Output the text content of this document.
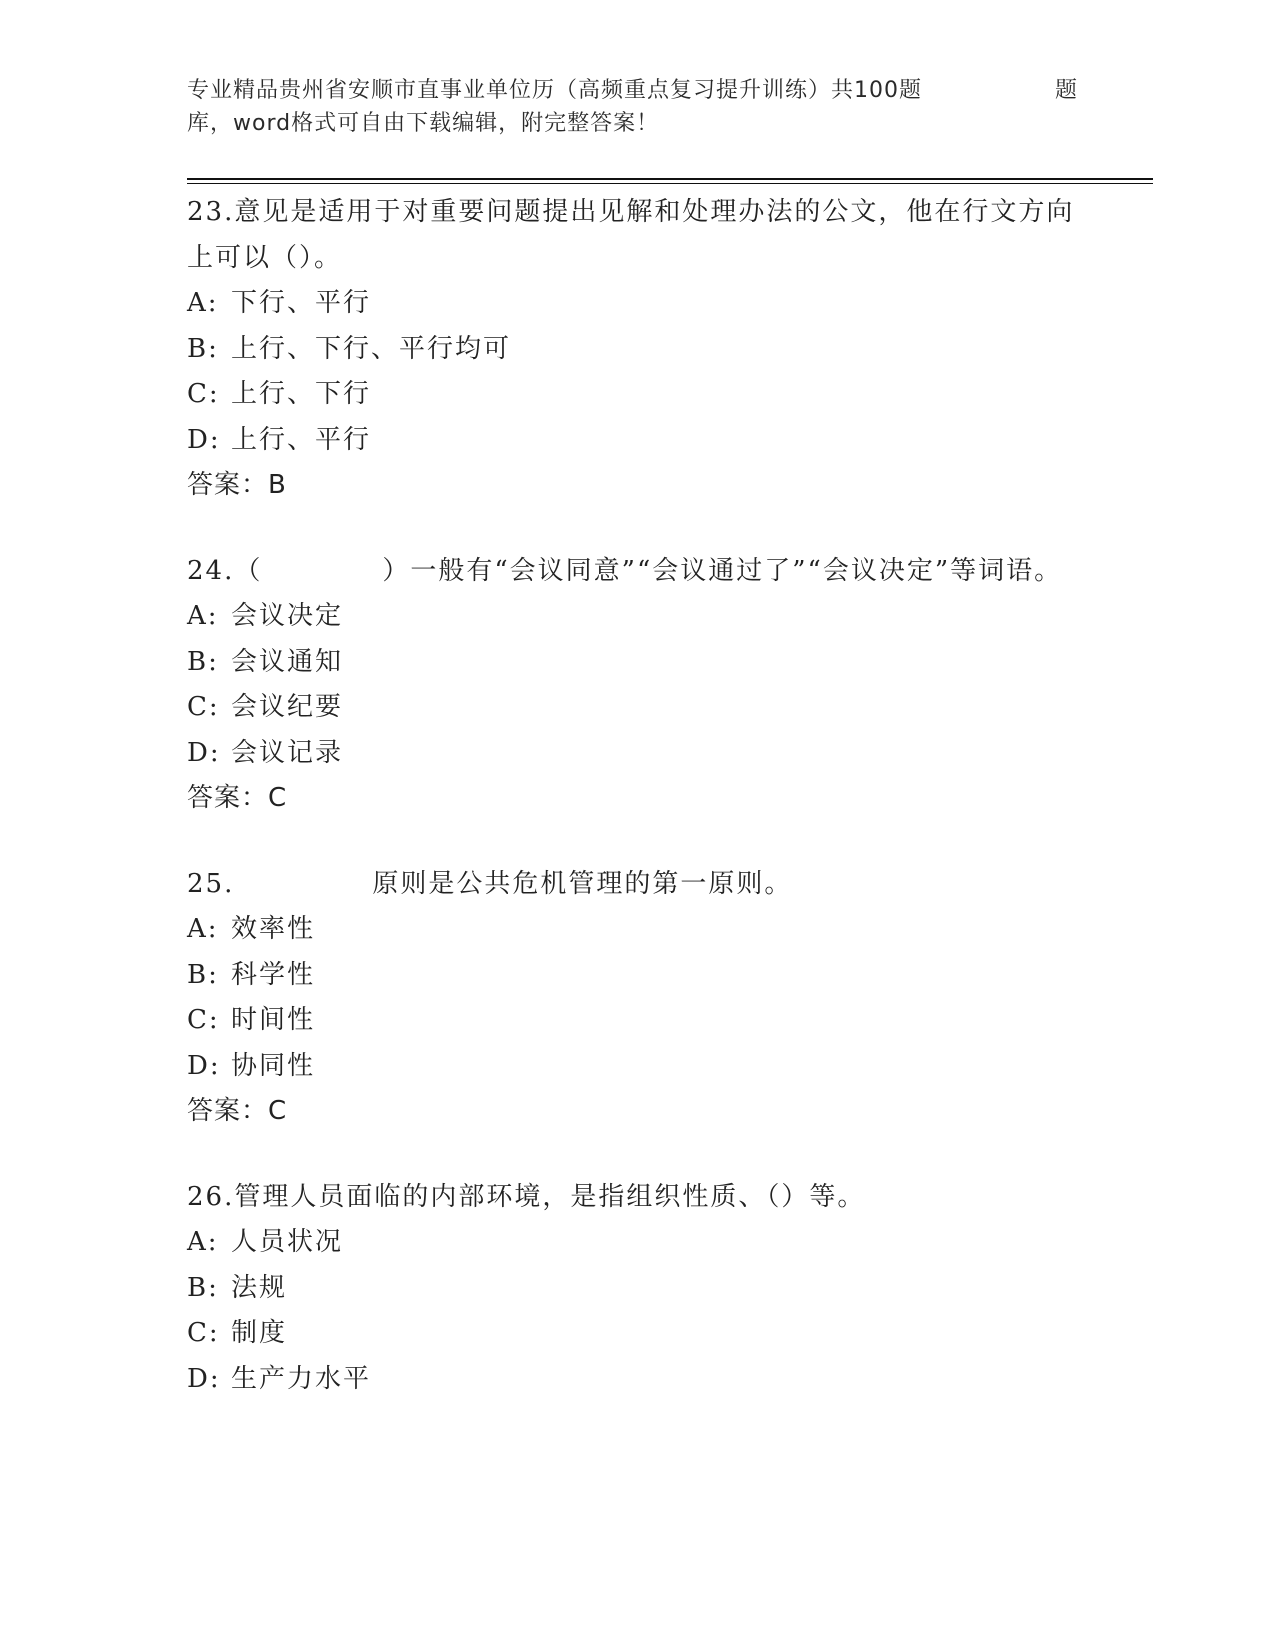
专业精品贵州省安顺市直事业单位历（高频重点复习提升训练）共100题	题
库，word格式可自由下载编辑，附完整答案！
23.意见是适用于对重要问题提出见解和处理办法的公文，他在行文方向上可以（）。
A: 下行、平行
B: 上行、下行、平行均可
C: 上行、下行
D: 上行、平行
答案：B
24.（	）一般有“会议同意”“会议通过了”“会议决定”等词语。
A: 会议决定
B: 会议通知
C: 会议纪要
D: 会议记录
答案：C
25.	原则是公共危机管理的第一原则。
A: 效率性
B: 科学性
C: 时间性
D: 协同性
答案：C
26.管理人员面临的内部环境，是指组织性质、（）等。
A: 人员状况
B: 法规
C: 制度
D: 生产力水平
